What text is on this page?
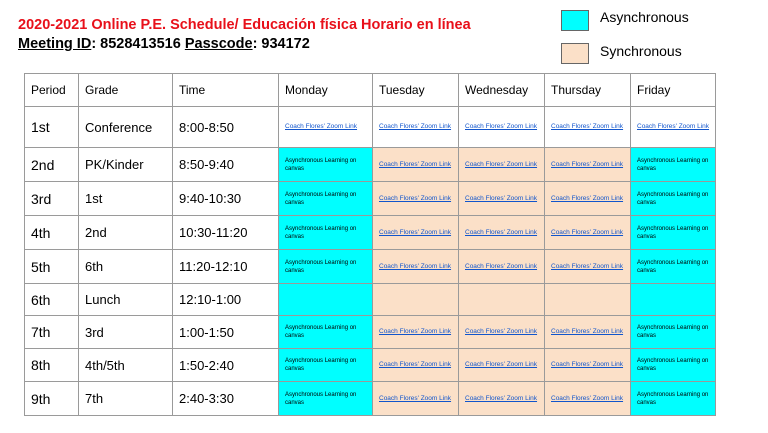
2020-2021 Online P.E. Schedule/ Educación física Horario en línea
Meeting ID: 8528413516 Passcode: 934172
Asynchronous
Synchronous
Period	Grade	Time	Monday	Tuesday	Wednesday	Thursday	Friday
1st	Conference	8:00-8:50	Coach Flores' Zoom Link	Coach Flores' Zoom Link	Coach Flores' Zoom Link	Coach Flores' Zoom Link	Coach Flores' Zoom Link

2nd	PK/Kinder	8:50-9:40	Asynchronous Learning on canvas	Coach Flores' Zoom Link	Coach Flores' Zoom Link	Coach Flores' Zoom Link	Asynchronous Learning on canvas

3rd	1st	9:40-10:30	Asynchronous Learning on canvas	Coach Flores' Zoom Link	Coach Flores' Zoom Link	Coach Flores' Zoom Link	Asynchronous Learning on canvas

4th	2nd	10:30-11:20	Asynchronous Learning on canvas	Coach Flores' Zoom Link	Coach Flores' Zoom Link	Coach Flores' Zoom Link	Asynchronous Learning on canvas

5th	6th	11:20-12:10	Asynchronous Learning on canvas	Coach Flores' Zoom Link	Coach Flores' Zoom Link	Coach Flores' Zoom Link	Asynchronous Learning on canvas

6th	Lunch	12:10-1:00					
7th	3rd	1:00-1:50	Asynchronous Learning on canvas	Coach Flores' Zoom Link	Coach Flores' Zoom Link	Coach Flores' Zoom Link	Asynchronous Learning on canvas

8th	4th/5th	1:50-2:40	Asynchronous Learning on canvas	Coach Flores' Zoom Link	Coach Flores' Zoom Link	Coach Flores' Zoom Link	Asynchronous Learning on canvas

9th	7th	2:40-3:30	Asynchronous Learning on canvas	Coach Flores' Zoom Link	Coach Flores' Zoom Link	Coach Flores' Zoom Link	Asynchronous Learning on canvas
